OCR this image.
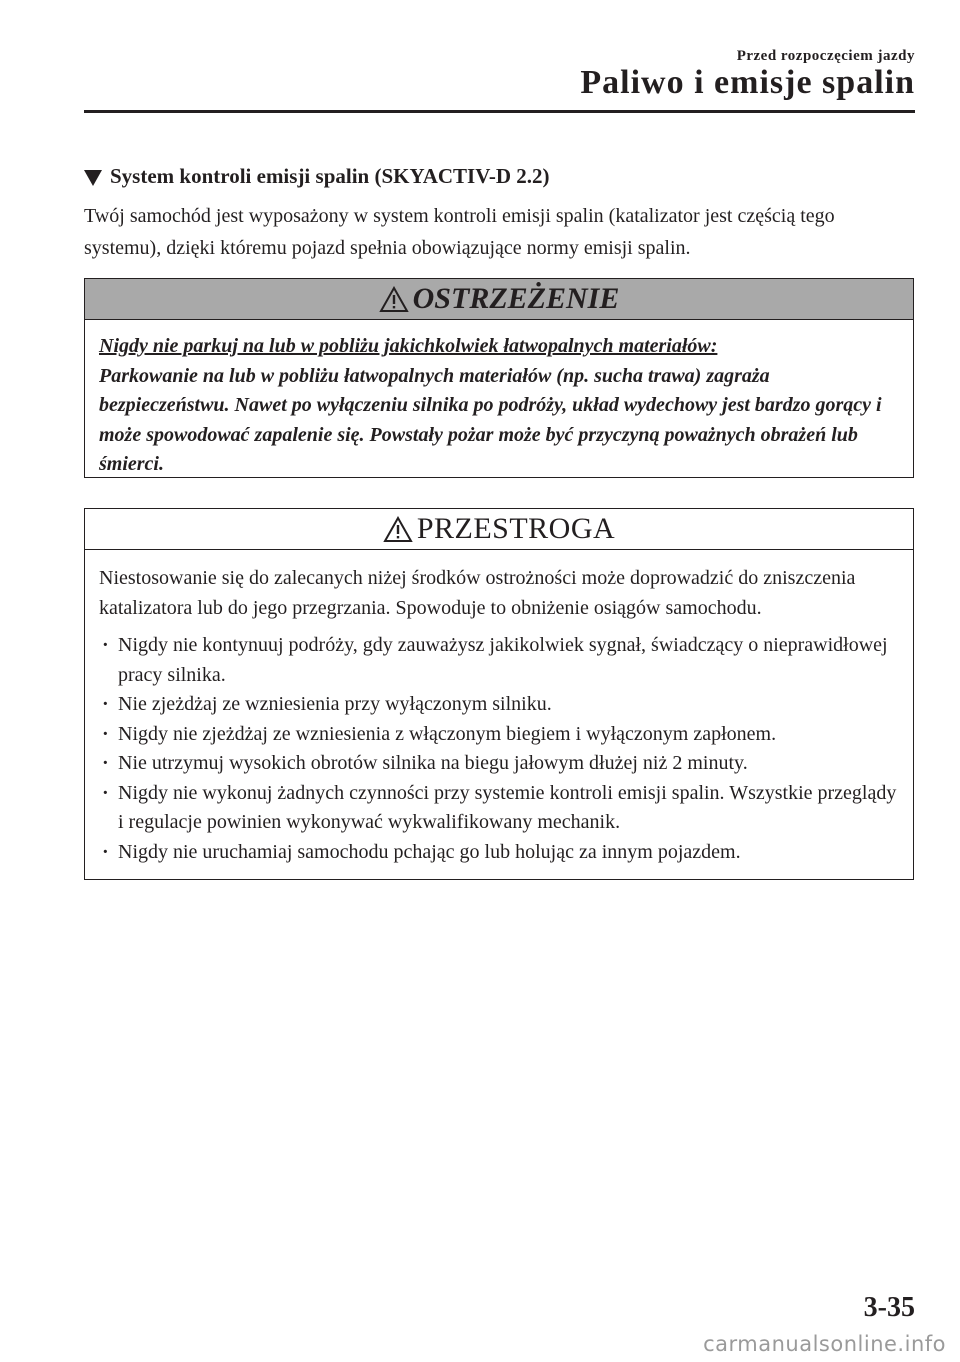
Przed rozpoczęciem jazdy
Paliwo i emisje spalin
System kontroli emisji spalin (SKYACTIV-D 2.2)
Twój samochód jest wyposażony w system kontroli emisji spalin (katalizator jest częścią tego systemu), dzięki któremu pojazd spełnia obowiązujące normy emisji spalin.
OSTRZEŻENIE
Nigdy nie parkuj na lub w pobliżu jakichkolwiek łatwopalnych materiałów:
Parkowanie na lub w pobliżu łatwopalnych materiałów (np. sucha trawa) zagraża bezpieczeństwu. Nawet po wyłączeniu silnika po podróży, układ wydechowy jest bardzo gorący i może spowodować zapalenie się. Powstały pożar może być przyczyną poważnych obrażeń lub śmierci.
PRZESTROGA

Niestosowanie się do zalecanych niżej środków ostrożności może doprowadzić do zniszczenia katalizatora lub do jego przegrzania. Spowoduje to obniżenie osiągów samochodu.

· Nigdy nie kontynuuj podróży, gdy zauważysz jakikolwiek sygnał, świadczący o nieprawidłowej pracy silnika.
· Nie zjeżdżaj ze wzniesienia przy wyłączonym silniku.
· Nigdy nie zjeżdżaj ze wzniesienia z włączonym biegiem i wyłączonym zapłonem.
· Nie utrzymuj wysokich obrotów silnika na biegu jałowym dłużej niż 2 minuty.
· Nigdy nie wykonuj żadnych czynności przy systemie kontroli emisji spalin. Wszystkie przeglądy i regulacje powinien wykonywać wykwalifikowany mechanik.
· Nigdy nie uruchamiaj samochodu pchając go lub holując za innym pojazdem.
3-35
carmanualsonline.info
